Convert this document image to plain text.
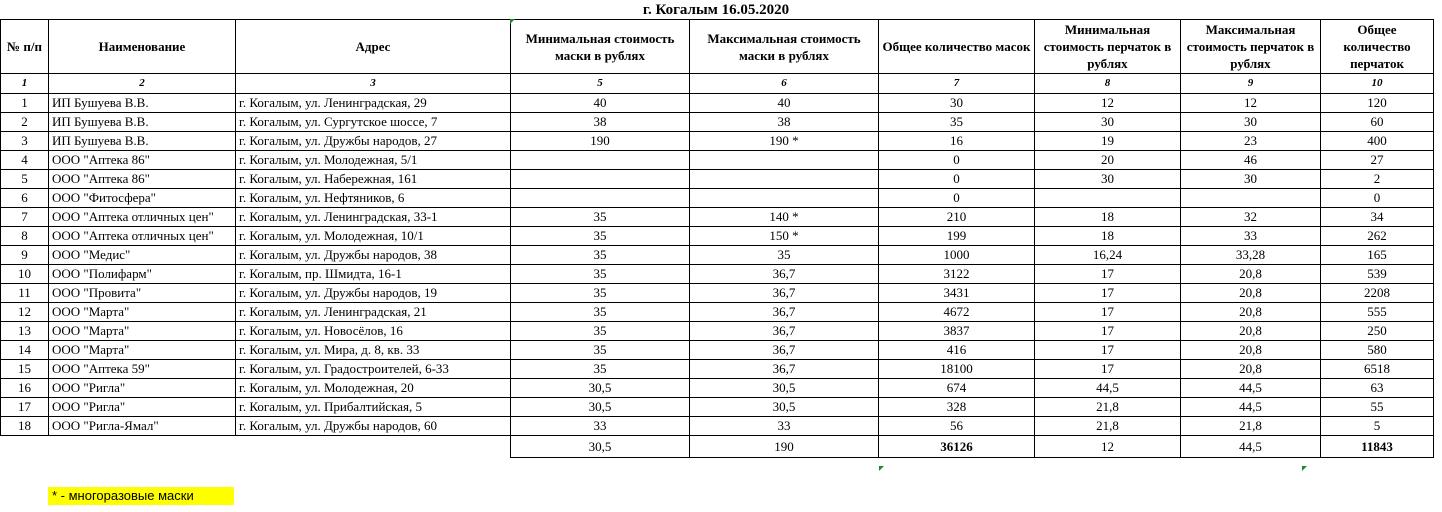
г. Когалым 16.05.2020
№ п/п	Наименование	Адрес	Минимальная стоимость маски в рублях	Максимальная стоимость маски в рублях	Общее количество масок	Минимальная стоимость перчаток в рублях	Максимальная стоимость перчаток в рублях	Общее количество перчаток
1	2	3	5	6	7	8	9	10
1	ИП Бушуева В.В.	г. Когалым, ул. Ленинградская, 29	40	40	30	12	12	120
2	ИП Бушуева В.В.	г. Когалым, ул. Сургутское шоссе, 7	38	38	35	30	30	60
3	ИП Бушуева В.В.	г. Когалым, ул. Дружбы народов, 27	190	190 *	16	19	23	400
4	ООО "Аптека 86"	г. Когалым, ул. Молодежная, 5/1			0	20	46	27
5	ООО "Аптека 86"	г. Когалым, ул. Набережная, 161			0	30	30	2
6	ООО "Фитосфера"	г. Когалым, ул. Нефтяников, 6			0			0
7	ООО "Аптека отличных цен"	г. Когалым, ул. Ленинградская, 33-1	35	140 *	210	18	32	34
8	ООО "Аптека отличных цен"	г. Когалым, ул. Молодежная, 10/1	35	150 *	199	18	33	262
9	ООО "Медис"	г. Когалым, ул. Дружбы народов, 38	35	35	1000	16,24	33,28	165
10	ООО "Полифарм"	г. Когалым, пр. Шмидта, 16-1	35	36,7	3122	17	20,8	539
11	ООО "Провита"	г. Когалым, ул. Дружбы народов, 19	35	36,7	3431	17	20,8	2208
12	ООО "Марта"	г. Когалым, ул. Ленинградская, 21	35	36,7	4672	17	20,8	555
13	ООО "Марта"	г. Когалым, ул. Новосёлов, 16	35	36,7	3837	17	20,8	250
14	ООО "Марта"	г. Когалым, ул. Мира, д. 8, кв. 33	35	36,7	416	17	20,8	580
15	ООО "Аптека 59"	г. Когалым, ул. Градостроителей, 6-33	35	36,7	18100	17	20,8	6518
16	ООО "Ригла"	г. Когалым, ул. Молодежная, 20	30,5	30,5	674	44,5	44,5	63
17	ООО "Ригла"	г. Когалым, ул. Прибалтийская, 5	30,5	30,5	328	21,8	44,5	55
18	ООО "Ригла-Ямал"	г. Когалым, ул. Дружбы народов, 60	33	33	56	21,8	21,8	5
			30,5	190	36126	12	44,5	11843
* - многоразовые маски
